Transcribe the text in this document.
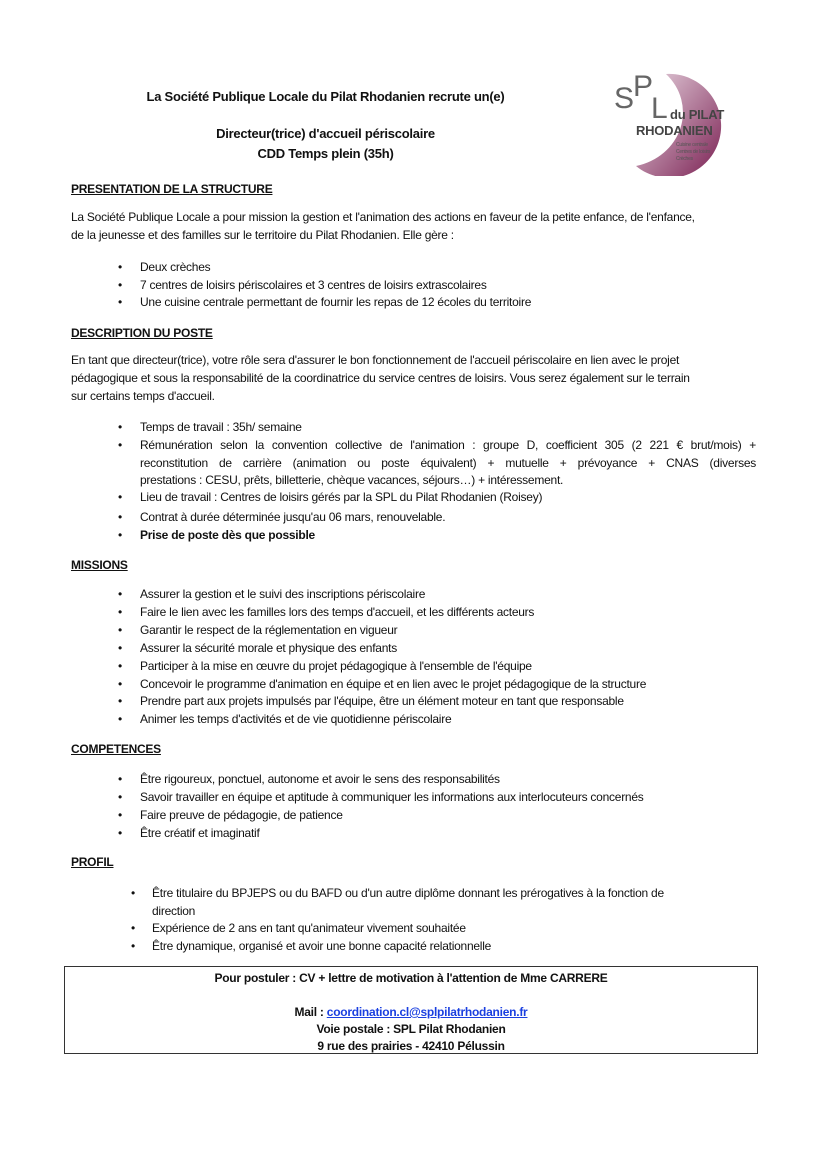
La Société Publique Locale du Pilat Rhodanien recrute un(e)
Directeur(trice) d'accueil périscolaire
CDD Temps plein (35h)
S P
L du PILAT
RHODANIEN
Cuisine centrale
Centres de loisirs
Crèches
PRESENTATION DE LA STRUCTURE
La Société Publique Locale a pour mission la gestion et l'animation des actions en faveur de la petite enfance, de l'enfance,
de la jeunesse et des familles sur le territoire du Pilat Rhodanien. Elle gère :
• Deux crèches
• 7 centres de loisirs périscolaires et 3 centres de loisirs extrascolaires
• Une cuisine centrale permettant de fournir les repas de 12 écoles du territoire
DESCRIPTION DU POSTE
En tant que directeur(trice), votre rôle sera d'assurer le bon fonctionnement de l'accueil périscolaire en lien avec le projet
pédagogique et sous la responsabilité de la coordinatrice du service centres de loisirs. Vous serez également sur le terrain
sur certains temps d'accueil.
• Temps de travail : 35h/ semaine
• Rémunération selon la convention collective de l'animation : groupe D, coefficient 305 (2 221 € brut/mois) +
reconstitution de carrière (animation ou poste équivalent) + mutuelle + prévoyance + CNAS (diverses
prestations : CESU, prêts, billetterie, chèque vacances, séjours…) + intéressement.
• Lieu de travail : Centres de loisirs gérés par la SPL du Pilat Rhodanien (Roisey)
• Contrat à durée déterminée jusqu'au 06 mars, renouvelable.
• Prise de poste dès que possible
MISSIONS
COMPETENCES
PROFIL
• Être titulaire du BPJEPS ou du BAFD ou d'un autre diplôme donnant les prérogatives à la fonction de
direction
• Expérience de 2 ans en tant qu'animateur vivement souhaitée
• Être dynamique, organisé et avoir une bonne capacité relationnelle
Pour postuler : CV + lettre de motivation à l'attention de Mme CARRERE
Mail : coordination.cl@splpilatrhodanien.fr
Voie postale : SPL Pilat Rhodanien
9 rue des prairies - 42410 Pélussin
• Assurer la gestion et le suivi des inscriptions périscolaire
• Faire le lien avec les familles lors des temps d'accueil, et les différents acteurs
• Garantir le respect de la réglementation en vigueur
• Assurer la sécurité morale et physique des enfants
• Participer à la mise en œuvre du projet pédagogique à l'ensemble de l'équipe
• Concevoir le programme d'animation en équipe et en lien avec le projet pédagogique de la structure
• Prendre part aux projets impulsés par l'équipe, être un élément moteur en tant que responsable
• Animer les temps d'activités et de vie quotidienne périscolaire
• Être rigoureux, ponctuel, autonome et avoir le sens des responsabilités
• Savoir travailler en équipe et aptitude à communiquer les informations aux interlocuteurs concernés
• Faire preuve de pédagogie, de patience
• Être créatif et imaginatif
